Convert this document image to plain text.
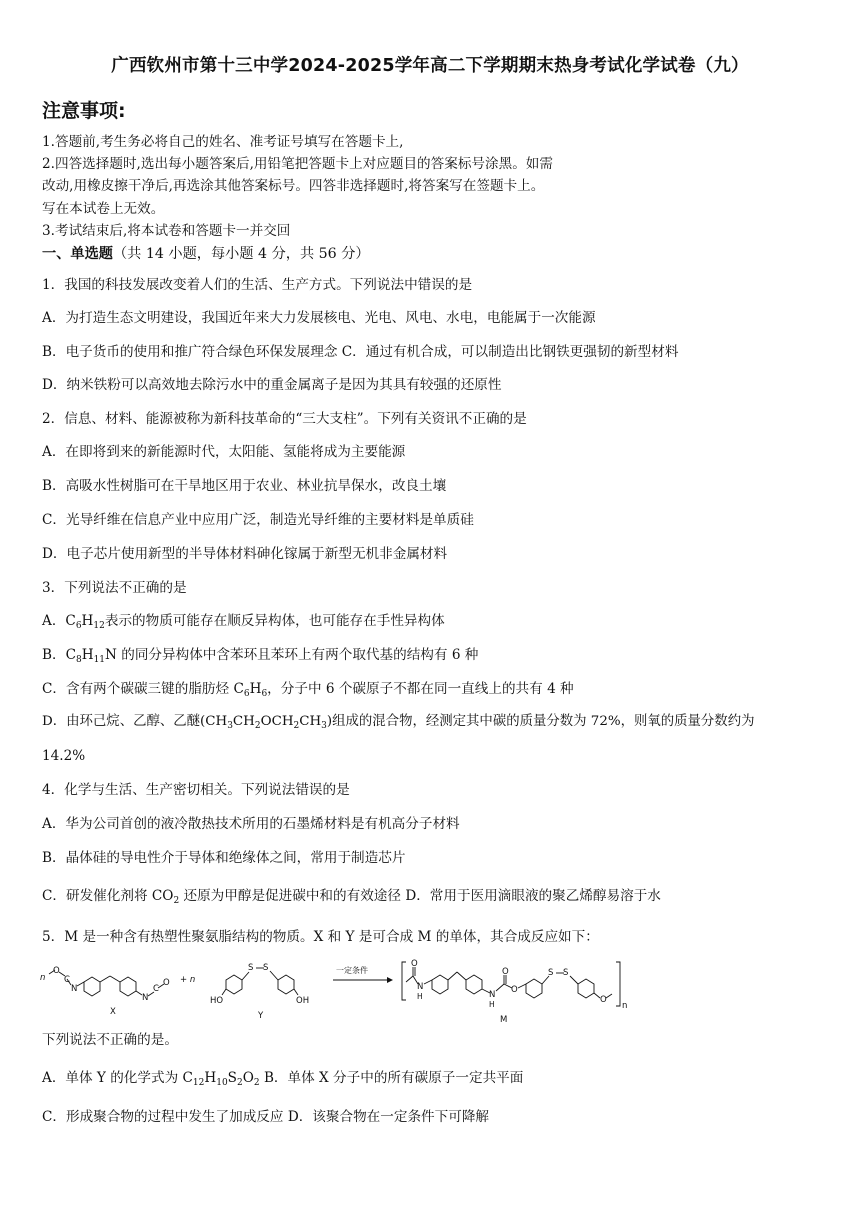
广西钦州市第十三中学2024-2025学年高二下学期期末热身考试化学试卷（九）
注意事项:
1.答题前,考生务必将自己的姓名、准考证号填写在答题卡上,
2.四答选择题时,选出每小题答案后,用铅笔把答题卡上对应题目的答案标号涂黑。如需
改动,用橡皮擦干净后,再选涂其他答案标号。四答非选择题时,将答案写在签题卡上。
写在本试卷上无效。
3.考试结束后,将本试卷和答题卡一并交回
一、单选题（共 14 小题，每小题 4 分，共 56 分）
1．我国的科技发展改变着人们的生活、生产方式。下列说法中错误的是
A．为打造生态文明建设，我国近年来大力发展核电、光电、风电、水电，电能属于一次能源
B．电子货币的使用和推广符合绿色环保发展理念 C．通过有机合成，可以制造出比钢铁更强韧的新型材料
D．纳米铁粉可以高效地去除污水中的重金属离子是因为其具有较强的还原性
2．信息、材料、能源被称为新科技革命的“三大支柱”。下列有关资讯不正确的是
A．在即将到来的新能源时代，太阳能、氢能将成为主要能源
B．高吸水性树脂可在干旱地区用于农业、林业抗旱保水，改良土壤
C．光导纤维在信息产业中应用广泛，制造光导纤维的主要材料是单质硅
D．电子芯片使用新型的半导体材料砷化镓属于新型无机非金属材料
3．下列说法不正确的是
A．$C_6H_{12}$表示的物质可能存在顺反异构体，也可能存在手性异构体
B．$C_8H_{11}N$ 的同分异构体中含苯环且苯环上有两个取代基的结构有 6 种
C．含有两个碳碳三键的脂肪烃 $C_6H_6$，分子中 6 个碳原子不都在同一直线上的共有 4 种
D．由环己烷、乙醇、乙醚$(CH_3CH_2OCH_2CH_3)$组成的混合物，经测定其中碳的质量分数为 72%，则氧的质量分数约为
14.2%
4．化学与生活、生产密切相关。下列说法错误的是
A．华为公司首创的液冷散热技术所用的石墨烯材料是有机高分子材料
B．晶体硅的导电性介于导体和绝缘体之间，常用于制造芯片
C．研发催化剂将 $CO_2$ 还原为甲醇是促进碳中和的有效途径 D．常用于医用滴眼液的聚乙烯醇易溶于水
5．M 是一种含有热塑性聚氨脂结构的物质。X 和 Y 是可合成 M 的单体，其合成反应如下：
n
O
C
N
N
C
O
X
+ n
S S
HO	OH
Y
一定条件
O
N
H	N
H
O
O
S S
O
n
M
下列说法不正确的是。
A．单体 Y 的化学式为 $C_{12}H_{10}S_2O_2$ B．单体 X 分子中的所有碳原子一定共平面
C．形成聚合物的过程中发生了加成反应 D．该聚合物在一定条件下可降解
